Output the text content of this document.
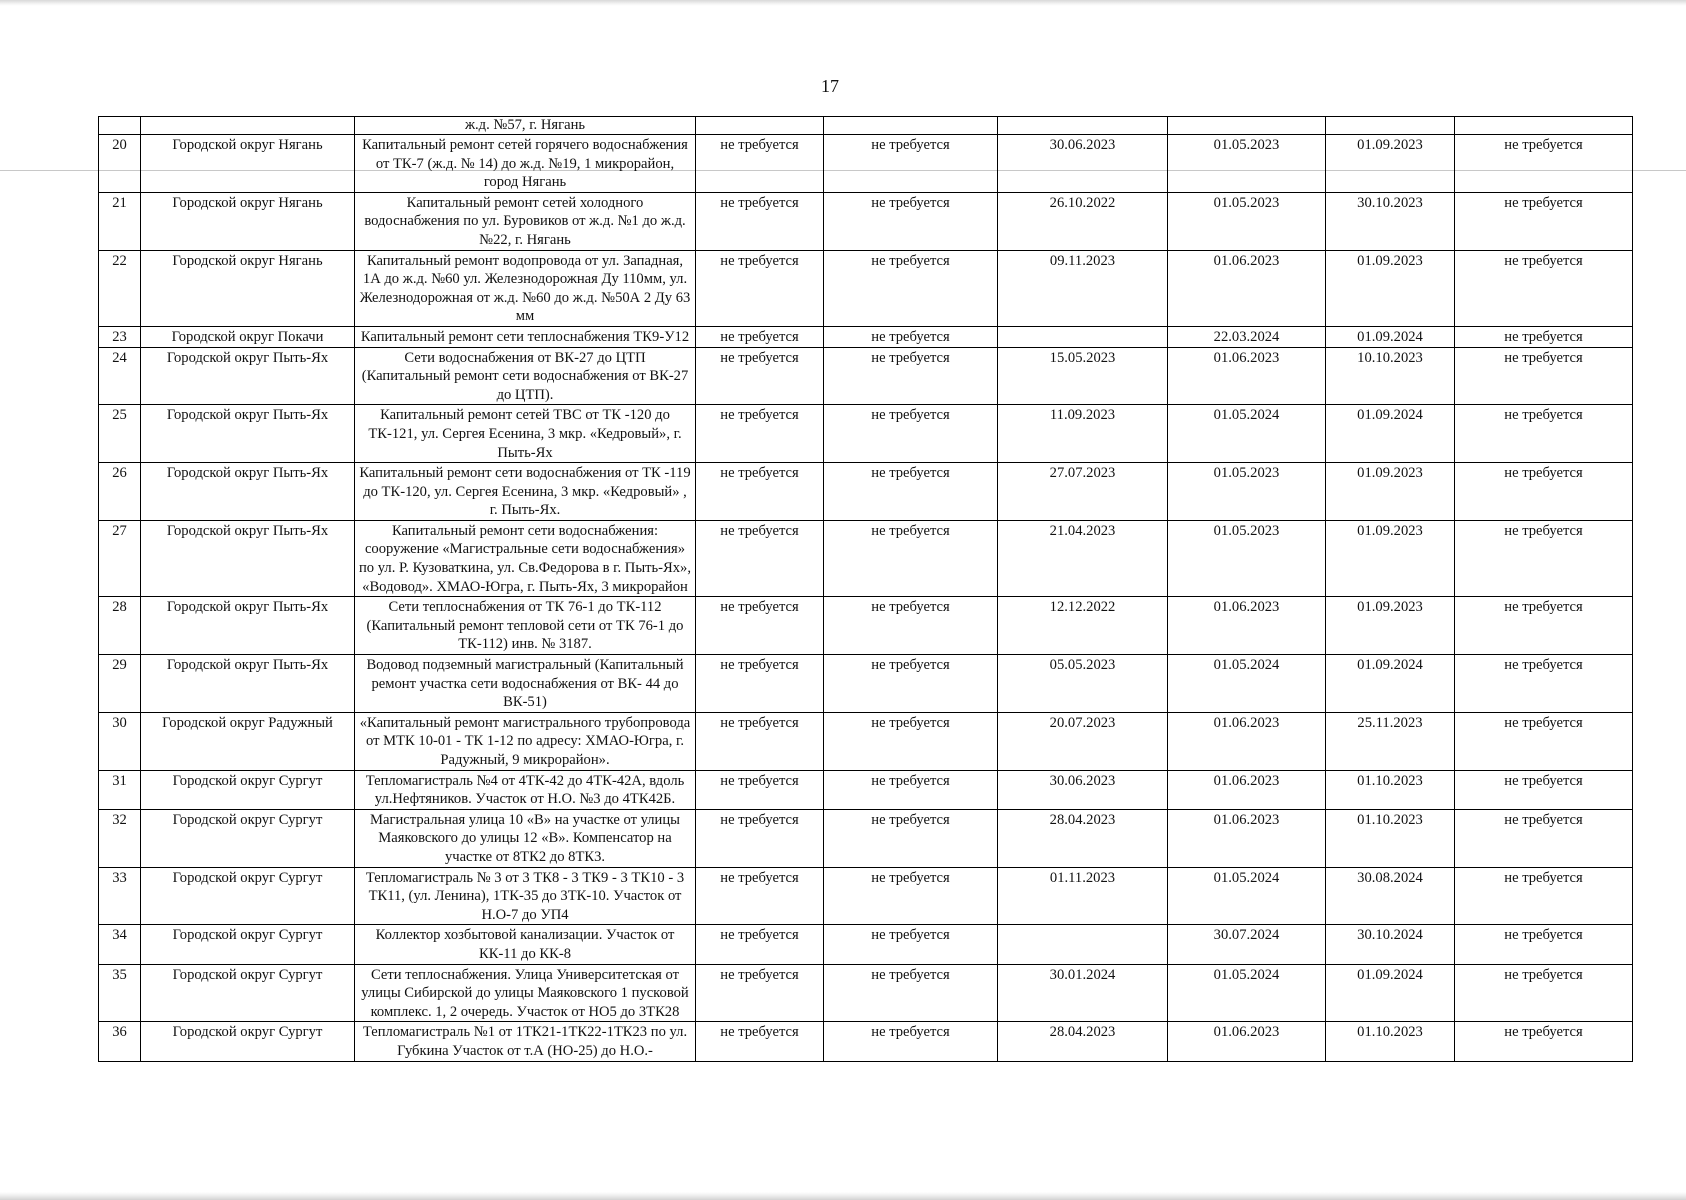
17
		ж.д. №57, г. Нягань						
20	Городской округ Нягань	Капитальный ремонт сетей горячего водоснабжения от ТК-7 (ж.д. № 14) до ж.д. №19, 1 микрорайон, город Нягань	не требуется	не требуется	30.06.2023	01.05.2023	01.09.2023	не требуется
21	Городской округ Нягань	Капитальный ремонт сетей холодного водоснабжения по ул. Буровиков от ж.д. №1 до ж.д. №22, г. Нягань	не требуется	не требуется	26.10.2022	01.05.2023	30.10.2023	не требуется
22	Городской округ Нягань	Капитальный ремонт водопровода от ул. Западная, 1А до ж.д. №60 ул. Железнодорожная Ду 110мм, ул. Железнодорожная от ж.д. №60 до ж.д. №50А 2 Ду 63 мм	не требуется	не требуется	09.11.2023	01.06.2023	01.09.2023	не требуется
23	Городской округ Покачи	Капитальный ремонт сети теплоснабжения ТК9-У12	не требуется	не требуется		22.03.2024	01.09.2024	не требуется
24	Городской округ Пыть-Ях	Сети водоснабжения от ВК-27 до ЦТП (Капитальный ремонт сети водоснабжения от ВК-27 до ЦТП).	не требуется	не требуется	15.05.2023	01.06.2023	10.10.2023	не требуется
25	Городской округ Пыть-Ях	Капитальный ремонт сетей ТВС от ТК -120 до ТК-121, ул. Сергея Есенина, 3 мкр. «Кедровый», г. Пыть-Ях	не требуется	не требуется	11.09.2023	01.05.2024	01.09.2024	не требуется
26	Городской округ Пыть-Ях	Капитальный ремонт сети водоснабжения от ТК -119 до ТК-120, ул. Сергея Есенина, 3 мкр. «Кедровый» , г. Пыть-Ях.	не требуется	не требуется	27.07.2023	01.05.2023	01.09.2023	не требуется
27	Городской округ Пыть-Ях	Капитальный ремонт сети водоснабжения: сооружение «Магистральные сети водоснабжения» по ул. Р. Кузоваткина, ул. Св.Федорова в г. Пыть-Ях», «Водовод». ХМАО-Югра, г. Пыть-Ях, 3 микрорайон	не требуется	не требуется	21.04.2023	01.05.2023	01.09.2023	не требуется
28	Городской округ Пыть-Ях	Сети теплоснабжения от ТК 76-1 до ТК-112 (Капитальный ремонт тепловой сети от ТК 76-1 до ТК-112) инв. № 3187.	не требуется	не требуется	12.12.2022	01.06.2023	01.09.2023	не требуется
29	Городской округ Пыть-Ях	Водовод подземный магистральный (Капитальный ремонт участка сети водоснабжения от ВК- 44 до ВК-51)	не требуется	не требуется	05.05.2023	01.05.2024	01.09.2024	не требуется
30	Городской округ Радужный	«Капитальный ремонт магистрального трубопровода от МТК 10-01 - ТК 1-12 по адресу: ХМАО-Югра, г. Радужный, 9 микрорайон».	не требуется	не требуется	20.07.2023	01.06.2023	25.11.2023	не требуется
31	Городской округ Сургут	Тепломагистраль №4 от 4ТК-42 до 4ТК-42А, вдоль ул.Нефтяников. Участок от Н.О. №3 до 4ТК42Б.	не требуется	не требуется	30.06.2023	01.06.2023	01.10.2023	не требуется
32	Городской округ Сургут	Магистральная улица 10 «В» на участке от улицы Маяковского до улицы 12 «В». Компенсатор на участке от 8ТК2 до 8ТК3.	не требуется	не требуется	28.04.2023	01.06.2023	01.10.2023	не требуется
33	Городской округ Сургут	Тепломагистраль № 3 от 3 ТК8 - 3 ТК9 - 3 ТК10 - 3 ТК11, (ул. Ленина), 1ТК-35 до 3ТК-10. Участок от Н.О-7 до УП4	не требуется	не требуется	01.11.2023	01.05.2024	30.08.2024	не требуется
34	Городской округ Сургут	Коллектор хозбытовой канализации. Участок от КК-11 до КК-8	не требуется	не требуется		30.07.2024	30.10.2024	не требуется
35	Городской округ Сургут	Сети теплоснабжения. Улица Университетская от улицы Сибирской до улицы Маяковского 1 пусковой комплекс. 1, 2 очередь. Участок от НО5 до 3ТК28	не требуется	не требуется	30.01.2024	01.05.2024	01.09.2024	не требуется
36	Городской округ Сургут	Тепломагистраль №1 от 1ТК21-1ТК22-1ТК23 по ул. Губкина Участок от т.А (НО-25) до Н.О.-	не требуется	не требуется	28.04.2023	01.06.2023	01.10.2023	не требуется
